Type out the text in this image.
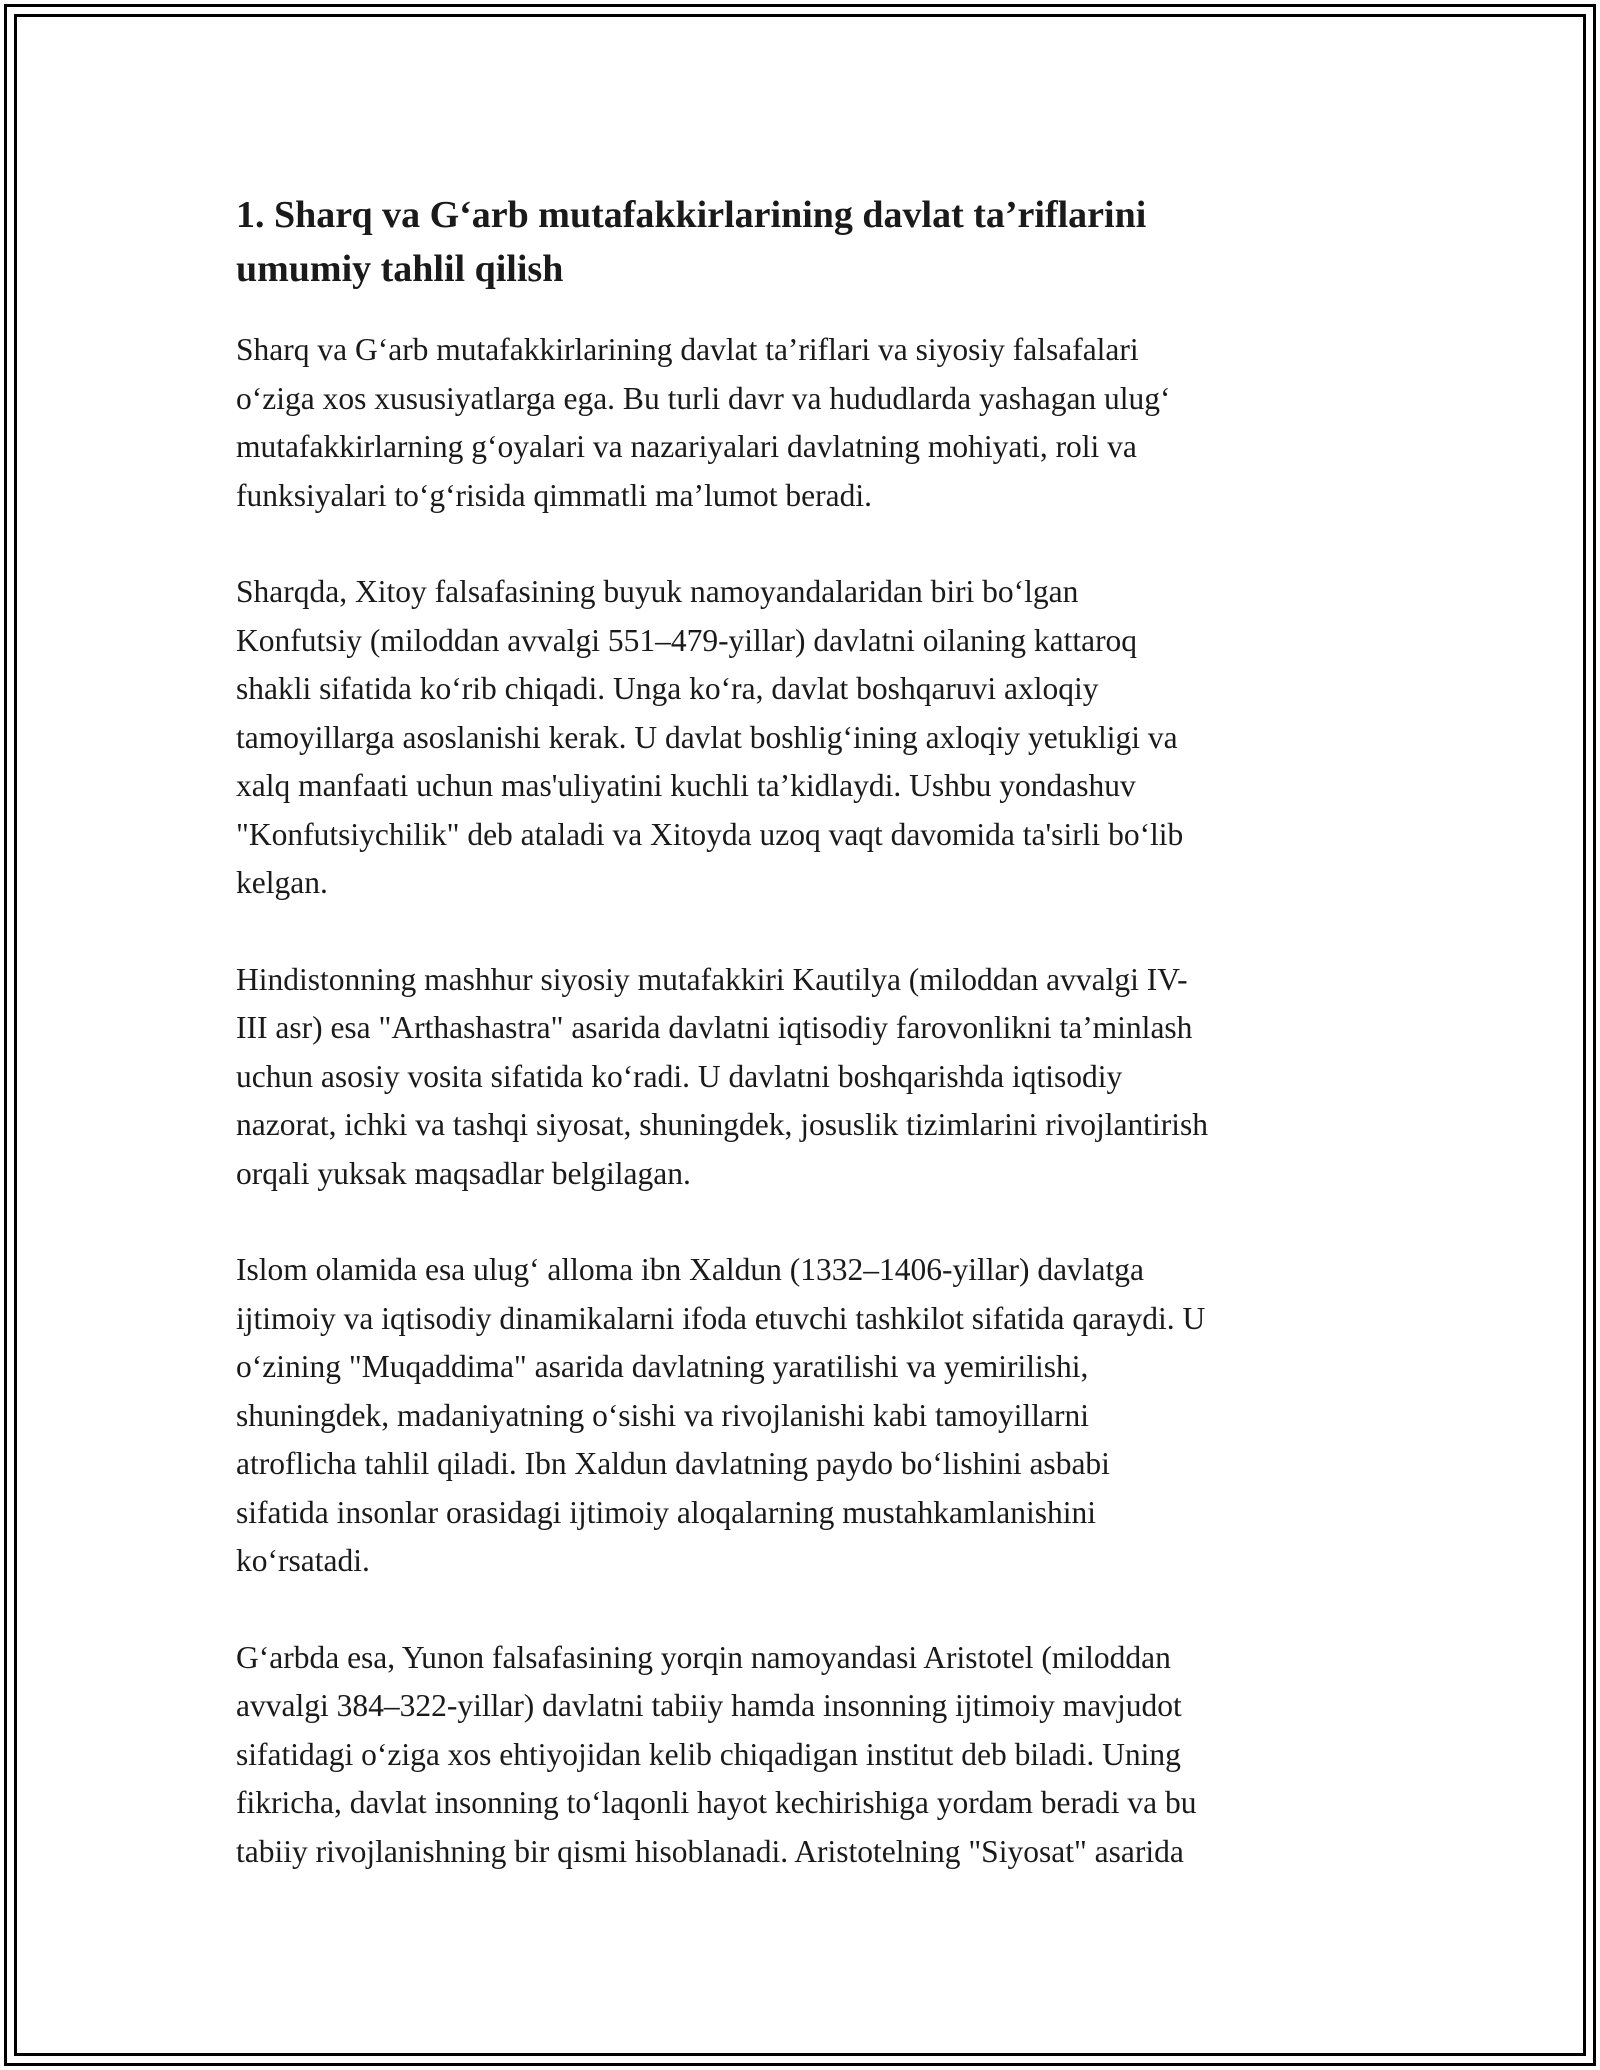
1. Sharq va G‘arb mutafakkirlarining davlat ta’riflarini
umumiy tahlil qilish

Sharq va G‘arb mutafakkirlarining davlat ta’riflari va siyosiy falsafalari
o‘ziga xos xususiyatlarga ega. Bu turli davr va hududlarda yashagan ulug‘
mutafakkirlarning g‘oyalari va nazariyalari davlatning mohiyati, roli va
funksiyalari to‘g‘risida qimmatli ma’lumot beradi.

Sharqda, Xitoy falsafasining buyuk namoyandalaridan biri bo‘lgan
Konfutsiy (miloddan avvalgi 551–479-yillar) davlatni oilaning kattaroq
shakli sifatida ko‘rib chiqadi. Unga ko‘ra, davlat boshqaruvi axloqiy
tamoyillarga asoslanishi kerak. U davlat boshlig‘ining axloqiy yetukligi va
xalq manfaati uchun mas'uliyatini kuchli ta’kidlaydi. Ushbu yondashuv
"Konfutsiychilik" deb ataladi va Xitoyda uzoq vaqt davomida ta'sirli bo‘lib
kelgan.

Hindistonning mashhur siyosiy mutafakkiri Kautilya (miloddan avvalgi IV-
III asr) esa "Arthashastra" asarida davlatni iqtisodiy farovonlikni ta’minlash
uchun asosiy vosita sifatida ko‘radi. U davlatni boshqarishda iqtisodiy
nazorat, ichki va tashqi siyosat, shuningdek, josuslik tizimlarini rivojlantirish
orqali yuksak maqsadlar belgilagan.

Islom olamida esa ulug‘ alloma ibn Xaldun (1332–1406-yillar) davlatga
ijtimoiy va iqtisodiy dinamikalarni ifoda etuvchi tashkilot sifatida qaraydi. U
o‘zining "Muqaddima" asarida davlatning yaratilishi va yemirilishi,
shuningdek, madaniyatning o‘sishi va rivojlanishi kabi tamoyillarni
atroflicha tahlil qiladi. Ibn Xaldun davlatning paydo bo‘lishini asbabi
sifatida insonlar orasidagi ijtimoiy aloqalarning mustahkamlanishini
ko‘rsatadi.

G‘arbda esa, Yunon falsafasining yorqin namoyandasi Aristotel (miloddan
avvalgi 384–322-yillar) davlatni tabiiy hamda insonning ijtimoiy mavjudot
sifatidagi o‘ziga xos ehtiyojidan kelib chiqadigan institut deb biladi. Uning
fikricha, davlat insonning to‘laqonli hayot kechirishiga yordam beradi va bu
tabiiy rivojlanishning bir qismi hisoblanadi. Aristotelning "Siyosat" asarida
